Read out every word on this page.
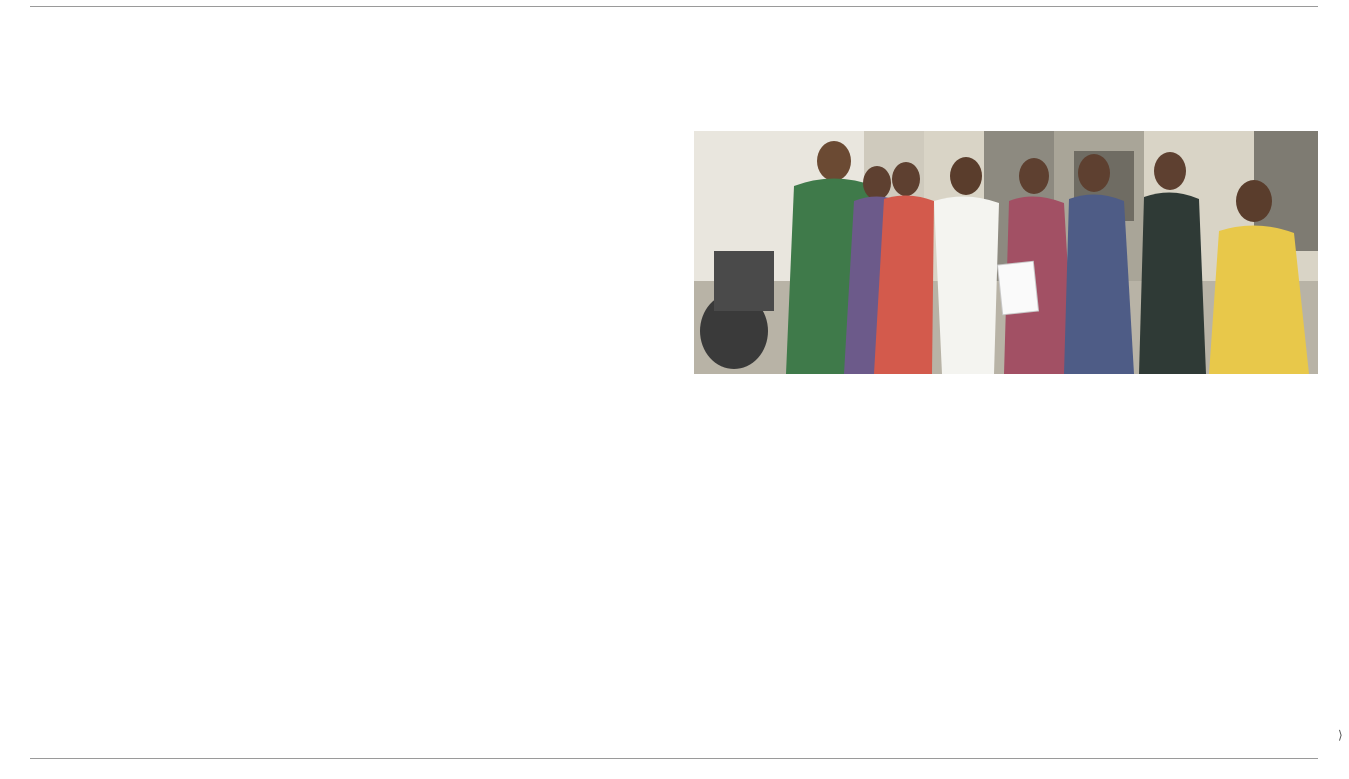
⟩
